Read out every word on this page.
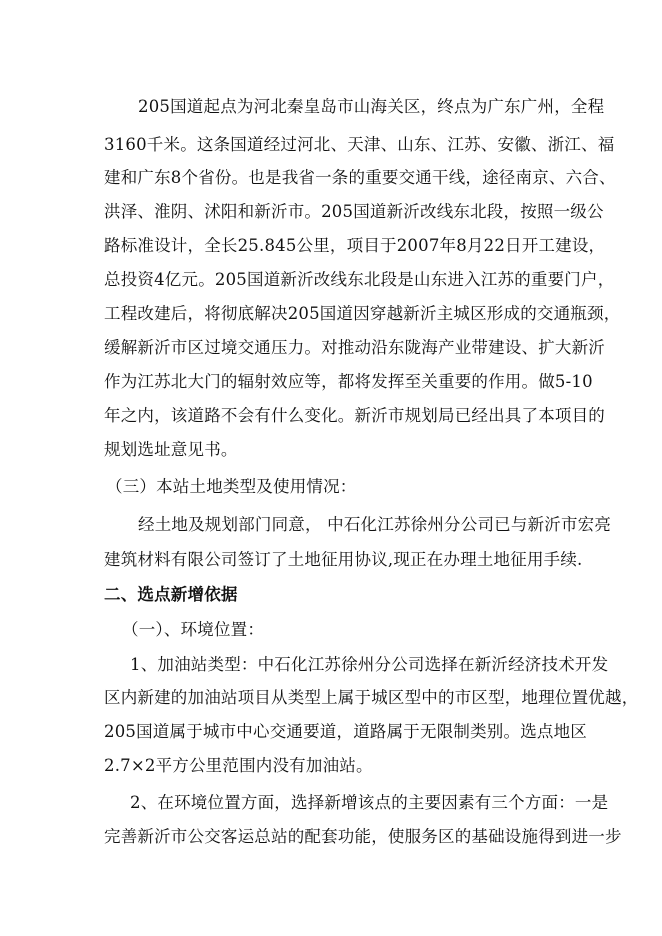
205国道起点为河北秦皇岛市山海关区，终点为广东广州，全程
3160千米。这条国道经过河北、天津、山东、江苏、安徽、浙江、福
建和广东8个省份。也是我省一条的重要交通干线，途径南京、六合、
洪泽、淮阴、沭阳和新沂市。205国道新沂改线东北段，按照一级公
路标准设计，全长25.845公里，项目于2007年8月22日开工建设，
总投资4亿元。205国道新沂改线东北段是山东进入江苏的重要门户，
工程改建后，将彻底解决205国道因穿越新沂主城区形成的交通瓶颈，
缓解新沂市区过境交通压力。对推动沿东陇海产业带建设、扩大新沂
作为江苏北大门的辐射效应等，都将发挥至关重要的作用。做5-10
年之内，该道路不会有什么变化。新沂市规划局已经出具了本项目的
规划选址意见书。
（三）本站土地类型及使用情况：
经土地及规划部门同意， 中石化江苏徐州分公司已与新沂市宏亮
建筑材料有限公司签订了土地征用协议,现正在办理土地征用手续.
二、选点新增依据
（一）、环境位置：
1、加油站类型：中石化江苏徐州分公司选择在新沂经济技术开发
区内新建的加油站项目从类型上属于城区型中的市区型，地理位置优越，
205国道属于城市中心交通要道，道路属于无限制类别。选点地区
2.7×2平方公里范围内没有加油站。
2、在环境位置方面，选择新增该点的主要因素有三个方面：一是
完善新沂市公交客运总站的配套功能，使服务区的基础设施得到进一步
